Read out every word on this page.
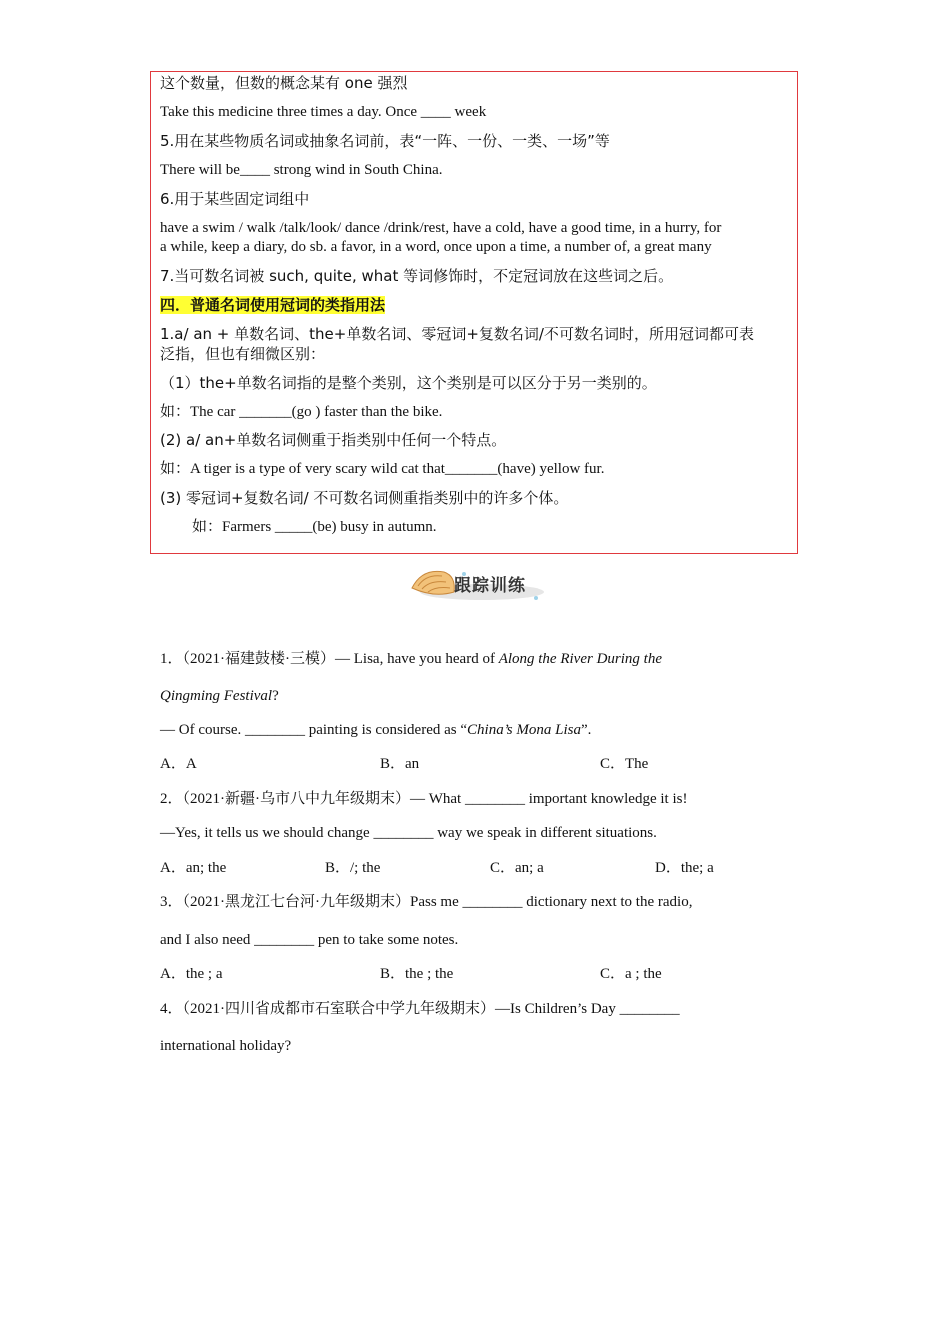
这个数量，但数的概念某有 one 强烈
Take this medicine three times a day. Once ____ week
5.用在某些物质名词或抽象名词前，表“一阵、一份、一类、一场”等
There will be____ strong wind in South China.
6.用于某些固定词组中
have a swim / walk /talk/look/ dance /drink/rest, have a cold, have a good time, in a hurry, for
a while, keep a diary, do sb. a favor, in a word, once upon a time, a number of, a great many
7.当可数名词被 such, quite, what 等词修饰时，不定冠词放在这些词之后。
四．普通名词使用冠词的类指用法
1.a/ an + 单数名词、the+单数名词、零冠词+复数名词/不可数名词时，所用冠词都可表
泛指，但也有细微区别：
（1）the+单数名词指的是整个类别，这个类别是可以区分于另一类别的。
如：The car _______(go ) faster than the bike.
(2) a/ an+单数名词侧重于指类别中任何一个特点。
如：A tiger is a type of very scary wild cat that_______(have) yellow fur.
(3) 零冠词+复数名词/ 不可数名词侧重指类别中的许多个体。
如：Farmers _____(be) busy in autumn.
跟踪训练
1．（2021·福建鼓楼·三模）— Lisa, have you heard of Along the River During the
Qingming Festival?
— Of course. ________ painting is considered as “China’s Mona Lisa”.
A．A	B．an	C．The
2．（2021·新疆·乌市八中九年级期末）— What ________ important knowledge it is!
—Yes, it tells us we should change ________ way we speak in different situations.
A．an; the	B．/; the	C．an; a	D．the; a
3．（2021·黑龙江七台河·九年级期末）Pass me ________ dictionary next to the radio,
and I also need ________ pen to take some notes.
A．the ; a	B．the ; the	C．a ; the
4．（2021·四川省成都市石室联合中学九年级期末）—Is Children’s Day ________
international holiday?
